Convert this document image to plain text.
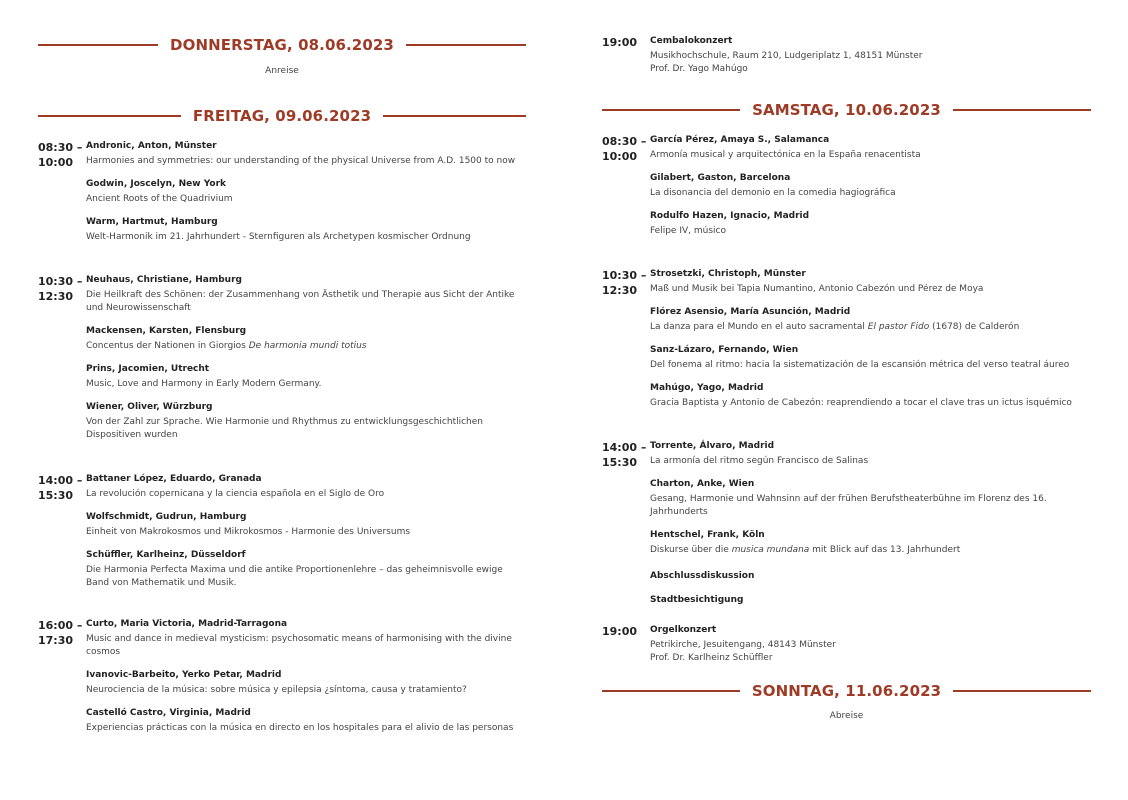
DONNERSTAG, 08.06.2023
Anreise
FREITAG, 09.06.2023
08:30 –
10:00
Andronic, Anton, Münster
Harmonies and symmetries: our understanding of the physical Universe from A.D. 1500 to now
Godwin, Joscelyn, New York
Ancient Roots of the Quadrivium
Warm, Hartmut, Hamburg
Welt-Harmonik im 21. Jahrhundert - Sternfiguren als Archetypen kosmischer Ordnung
10:30 –
12:30
Neuhaus, Christiane, Hamburg
Die Heilkraft des Schönen: der Zusammenhang von Ästhetik und Therapie aus Sicht der Antike und Neurowissenschaft
Mackensen, Karsten, Flensburg
Concentus der Nationen in Giorgios De harmonia mundi totius
Prins, Jacomien, Utrecht
Music, Love and Harmony in Early Modern Germany.
Wiener, Oliver, Würzburg
Von der Zahl zur Sprache. Wie Harmonie und Rhythmus zu entwicklungsgeschichtlichen Dispositiven wurden
14:00 –
15:30
Battaner López, Eduardo, Granada
La revolución copernicana y la ciencia española en el Siglo de Oro
Wolfschmidt, Gudrun, Hamburg
Einheit von Makrokosmos und Mikrokosmos - Harmonie des Universums
Schüffler, Karlheinz, Düsseldorf
Die Harmonia Perfecta Maxima und die antike Proportionenlehre – das geheimnisvolle ewige Band von Mathematik und Musik.
16:00 –
17:30
Curto, Maria Victoria, Madrid-Tarragona
Music and dance in medieval mysticism: psychosomatic means of harmonising with the divine cosmos
Ivanovic-Barbeito, Yerko Petar, Madrid
Neurociencia de la música: sobre música y epilepsia ¿síntoma, causa y tratamiento?
Castelló Castro, Virginia, Madrid
Experiencias prácticas con la música en directo en los hospitales para el alivio de las personas
19:00	Cembalokonzert
Musikhochschule, Raum 210, Ludgeriplatz 1, 48151 Münster
Prof. Dr. Yago Mahúgo
SAMSTAG, 10.06.2023
08:30 –
10:00
García Pérez, Amaya S., Salamanca
Armonía musical y arquitectónica en la España renacentista
Gilabert, Gaston, Barcelona
La disonancia del demonio en la comedia hagiográfica
Rodulfo Hazen, Ignacio, Madrid
Felipe IV, músico
10:30 –
12:30
Strosetzki, Christoph, Münster
Maß und Musik bei Tapia Numantino, Antonio Cabezón und Pérez de Moya
Flórez Asensio, María Asunción, Madrid
La danza para el Mundo en el auto sacramental El pastor Fido (1678) de Calderón
Sanz-Lázaro, Fernando, Wien
Del fonema al ritmo: hacia la sistematización de la escansión métrica del verso teatral áureo
Mahúgo, Yago, Madrid
Gracia Baptista y Antonio de Cabezón: reaprendiendo a tocar el clave tras un ictus isquémico
14:00 –
15:30
Torrente, Álvaro, Madrid
La armonía del ritmo según Francisco de Salinas
Charton, Anke, Wien
Gesang, Harmonie und Wahnsinn auf der frühen Berufstheaterbühne im Florenz des 16. Jahrhunderts
Hentschel, Frank, Köln
Diskurse über die musica mundana mit Blick auf das 13. Jahrhundert
Abschlussdiskussion
Stadtbesichtigung
19:00	Orgelkonzert
Petrikirche, Jesuitengang, 48143 Münster
Prof. Dr. Karlheinz Schüffler
SONNTAG, 11.06.2023
Abreise
